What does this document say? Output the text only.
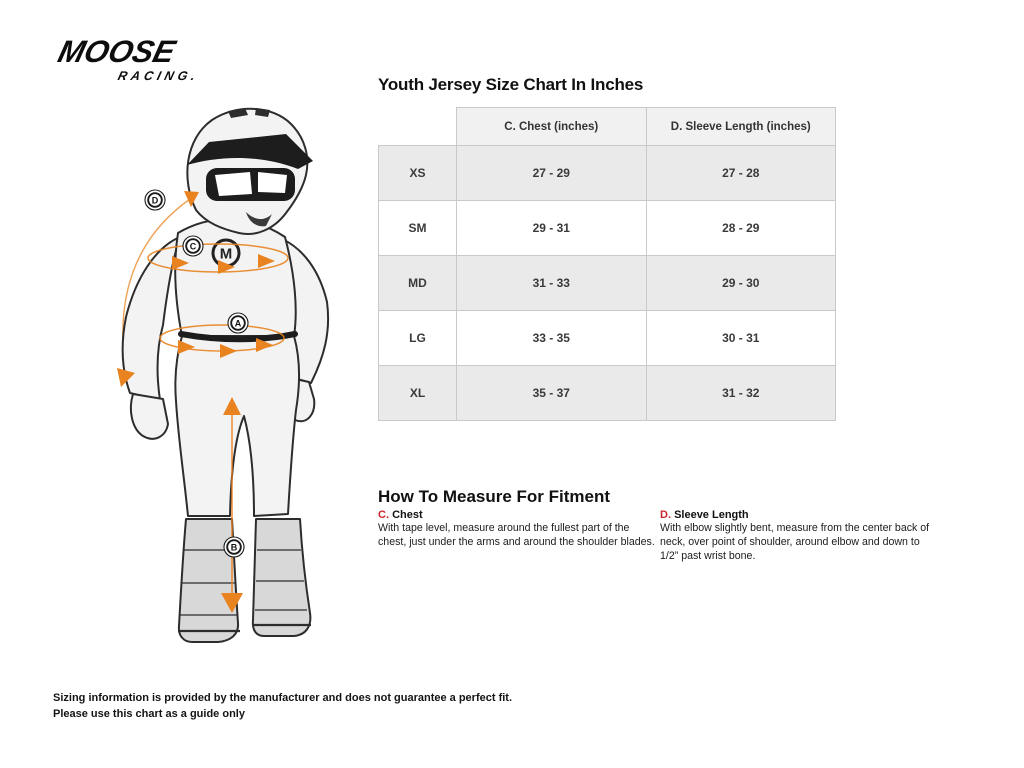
MOOSE
RACING.
M
D
C
A
B
Youth Jersey Size Chart In Inches
	C. Chest (inches)	D. Sleeve Length (inches)
XS	27 - 29	27 - 28
SM	29 - 31	28 - 29
MD	31 - 33	29 - 30
LG	33 - 35	30 - 31
XL	35 - 37	31 - 32
How To Measure For Fitment
C. Chest
With tape level, measure around the fullest part of the chest, just under the arms and around the shoulder blades.
D. Sleeve Length
With elbow slightly bent, measure from the center back of neck, over point of shoulder, around elbow and down to 1/2” past wrist bone.
Sizing information is provided by the manufacturer and does not guarantee a perfect fit.
Please use this chart as a guide only
